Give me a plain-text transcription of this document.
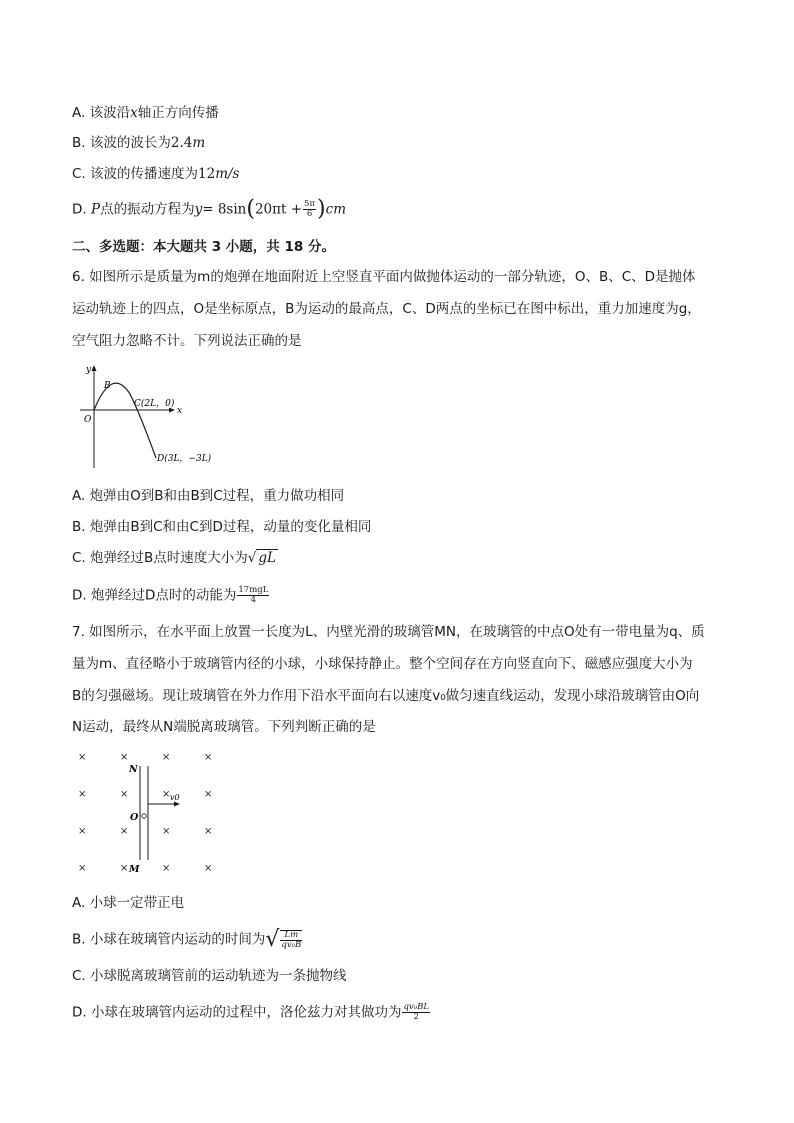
A. 该波沿x轴正方向传播
B. 该波的波长为2.4m
C. 该波的传播速度为12m/s
D. P点的振动方程为$y= 8\sin(20\pi t + \frac{5\pi}{6} )cm$
二、多选题：本大题共 3 小题，共 18 分。
6. 如图所示是质量为m的炮弹在地面附近上空竖直平面内做抛体运动的一部分轨迹，O、B、C、D是抛体
运动轨迹上的四点，O是坐标原点，B为运动的最高点，C、D两点的坐标已在图中标出，重力加速度为g，
空气阻力忽略不计。下列说法正确的是
y
x
O
B
C(2L，0)
D(3L，−3L)
A. 炮弹由O到B和由B到C过程，重力做功相同
B. 炮弹由B到C和由C到D过程，动量的变化量相同
C. 炮弹经过B点时速度大小为√ gL
D. 炮弹经过D点时的动能为 $\frac{\text{17mgL}}{4}$
7. 如图所示，在水平面上放置一长度为L、内壁光滑的玻璃管MN，在玻璃管的中点O处有一带电量为q、质
量为m、直径略小于玻璃管内径的小球，小球保持静止。整个空间存在方向竖直向下、磁感应强度大小为
B的匀强磁场。现让玻璃管在外力作用下沿水平面向右以速度v₀做匀速直线运动，发现小球沿玻璃管由O向
N运动，最终从N端脱离玻璃管。下列判断正确的是
×	×	×	×
×	×	×	×
×	×	×	×
×	×	×	×
v0
N
M
O
A. 小球一定带正电
B. 小球在玻璃管内运动的时间为√ $\frac{Lm}{\text{qv₀B}}$
C. 小球脱离玻璃管前的运动轨迹为一条抛物线
D. 小球在玻璃管内运动的过程中，洛伦兹力对其做功为 $\frac{\text{qv₀BL}}{2}$
